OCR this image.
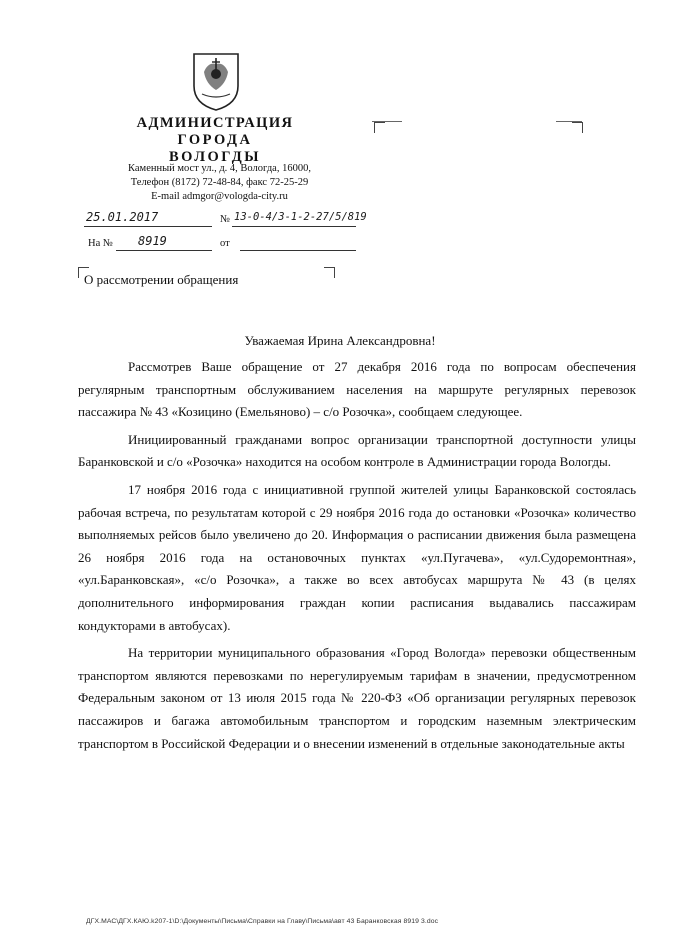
АДМИНИСТРАЦИЯ
ГОРОДА ВОЛОГДЫ
Каменный мост ул., д. 4, Вологда, 16000,
Телефон (8172) 72-48-84, факс 72-25-29
E-mail admgor@vologda-city.ru
25.01.2017	№ 13-0-4/3-1-2-27/5/819
На № 8919	от
О рассмотрении обращения
Уважаемая Ирина Александровна!

Рассмотрев Ваше обращение от 27 декабря 2016 года по вопросам обеспечения регулярным транспортным обслуживанием населения на маршруте регулярных перевозок пассажира № 43 «Козицино (Емельяново) – с/о Розочка», сообщаем следующее.

Инициированный гражданами вопрос организации транспортной доступности улицы Баранковской и с/о «Розочка» находится на особом контроле в Администрации города Вологды.

17 ноября 2016 года с инициативной группой жителей улицы Баранковской состоялась рабочая встреча, по результатам которой с 29 ноября 2016 года до остановки «Розочка» количество выполняемых рейсов было увеличено до 20. Информация о расписании движения была размещена 26 ноября 2016 года на остановочных пунктах «ул.Пугачева», «ул.Судоремонтная», «ул.Баранковская», «с/о Розочка», а также во всех автобусах маршрута № 43 (в целях дополнительного информирования граждан копии расписания выдавались пассажирам кондукторами в автобусах).

На территории муниципального образования «Город Вологда» перевозки общественным транспортом являются перевозками по нерегулируемым тарифам в значении, предусмотренном Федеральным законом от 13 июля 2015 года № 220-ФЗ «Об организации регулярных перевозок пассажиров и багажа автомобильным транспортом и городским наземным электрическим транспортом в Российской Федерации и о внесении изменений в отдельные законодательные акты

ДГХ.МАС\ДГХ.КАЮ.k207-1\D:\Документы\Письма\Справки на Главу\Письма\авт 43 Баранковская 8919 3.doc
